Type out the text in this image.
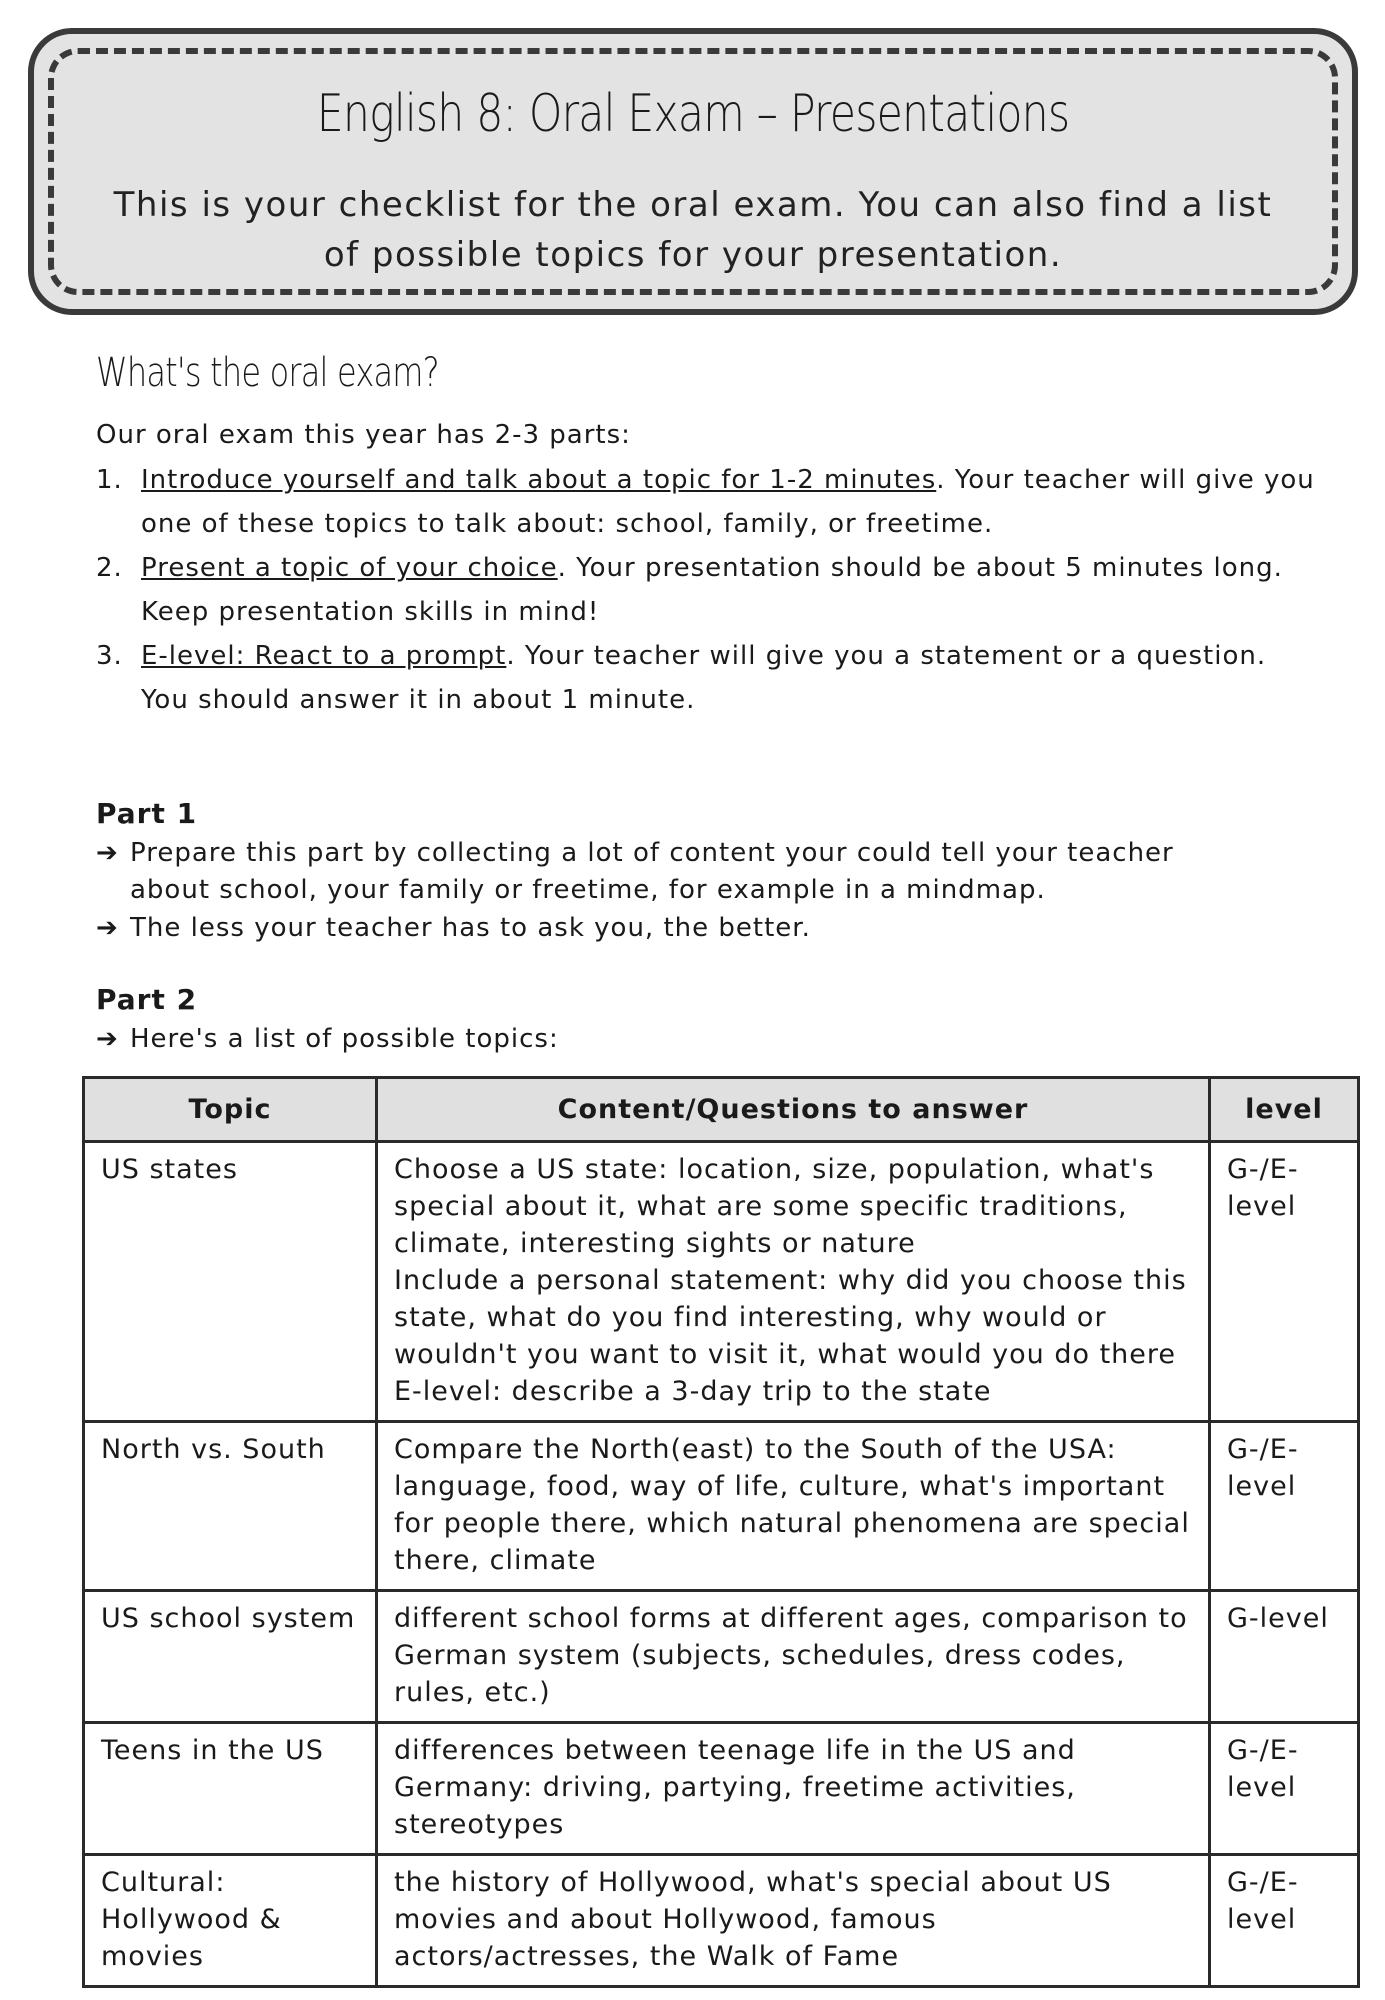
English 8: Oral Exam – Presentations
This is your checklist for the oral exam. You can also find a list of possible topics for your presentation.
What's the oral exam?
Our oral exam this year has 2-3 parts:
1. Introduce yourself and talk about a topic for 1-2 minutes. Your teacher will give you one of these topics to talk about: school, family, or freetime.
2. Present a topic of your choice. Your presentation should be about 5 minutes long. Keep presentation skills in mind!
3. E-level: React to a prompt. Your teacher will give you a statement or a question. You should answer it in about 1 minute.
Part 1
➔ Prepare this part by collecting a lot of content your could tell your teacher
about school, your family or freetime, for example in a mindmap.
➔ The less your teacher has to ask you, the better.
Part 2
➔ Here's a list of possible topics:
Topic	Content/Questions to answer	level
US states	Choose a US state: location, size, population, what's special about it, what are some specific traditions, climate, interesting sights or nature
Include a personal statement: why did you choose this state, what do you find interesting, why would or wouldn't you want to visit it, what would you do there
E-level: describe a 3-day trip to the state	G-/E-level
North vs. South	Compare the North(east) to the South of the USA: language, food, way of life, culture, what's important for people there, which natural phenomena are special there, climate	G-/E-level
US school system	different school forms at different ages, comparison to German system (subjects, schedules, dress codes, rules, etc.)	G-level
Teens in the US	differences between teenage life in the US and Germany: driving, partying, freetime activities, stereotypes	G-/E-level
Cultural: Hollywood & movies	the history of Hollywood, what's special about US movies and about Hollywood, famous actors/actresses, the Walk of Fame	G-/E-level
